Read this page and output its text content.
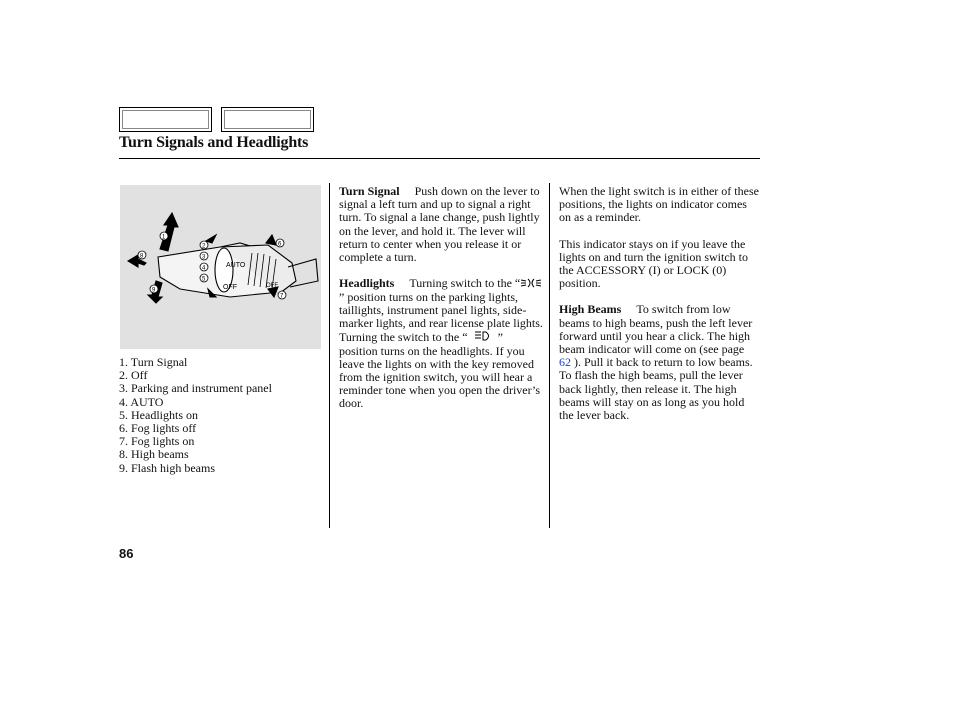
Turn Signals and Headlights
AUTO
OFF	OFF
1
2
3
4
5
6
7
8
9
1. Turn Signal
2. Off
3. Parking and instrument panel
4. AUTO
5. Headlights on
6. Fog lights off
7. Fog lights on
8. High beams
9. Flash high beams

Turn Signal Push down on the lever to signal a left turn and up to signal a right turn. To signal a lane change, push lightly on the lever, and hold it. The lever will return to center when you release it or complete a turn.

Headlights Turning switch to the “” position turns on the parking lights, taillights, instrument panel lights, side-marker lights, and rear license plate lights. Turning the switch to the “	” position turns on the headlights. If you leave the lights on with the key removed from the ignition switch, you will hear a reminder tone when you open the driver’s door.

When the light switch is in either of these positions, the lights on indicator comes on as a reminder.

This indicator stays on if you leave the lights on and turn the ignition switch to the ACCESSORY (I) or LOCK (0) position.

High Beams To switch from low beams to high beams, push the left lever forward until you hear a click. The high beam indicator will come on (see page 62 ). Pull it back to return to low beams. To flash the high beams, pull the lever back lightly, then release it. The high beams will stay on as long as you hold the lever back.

86
